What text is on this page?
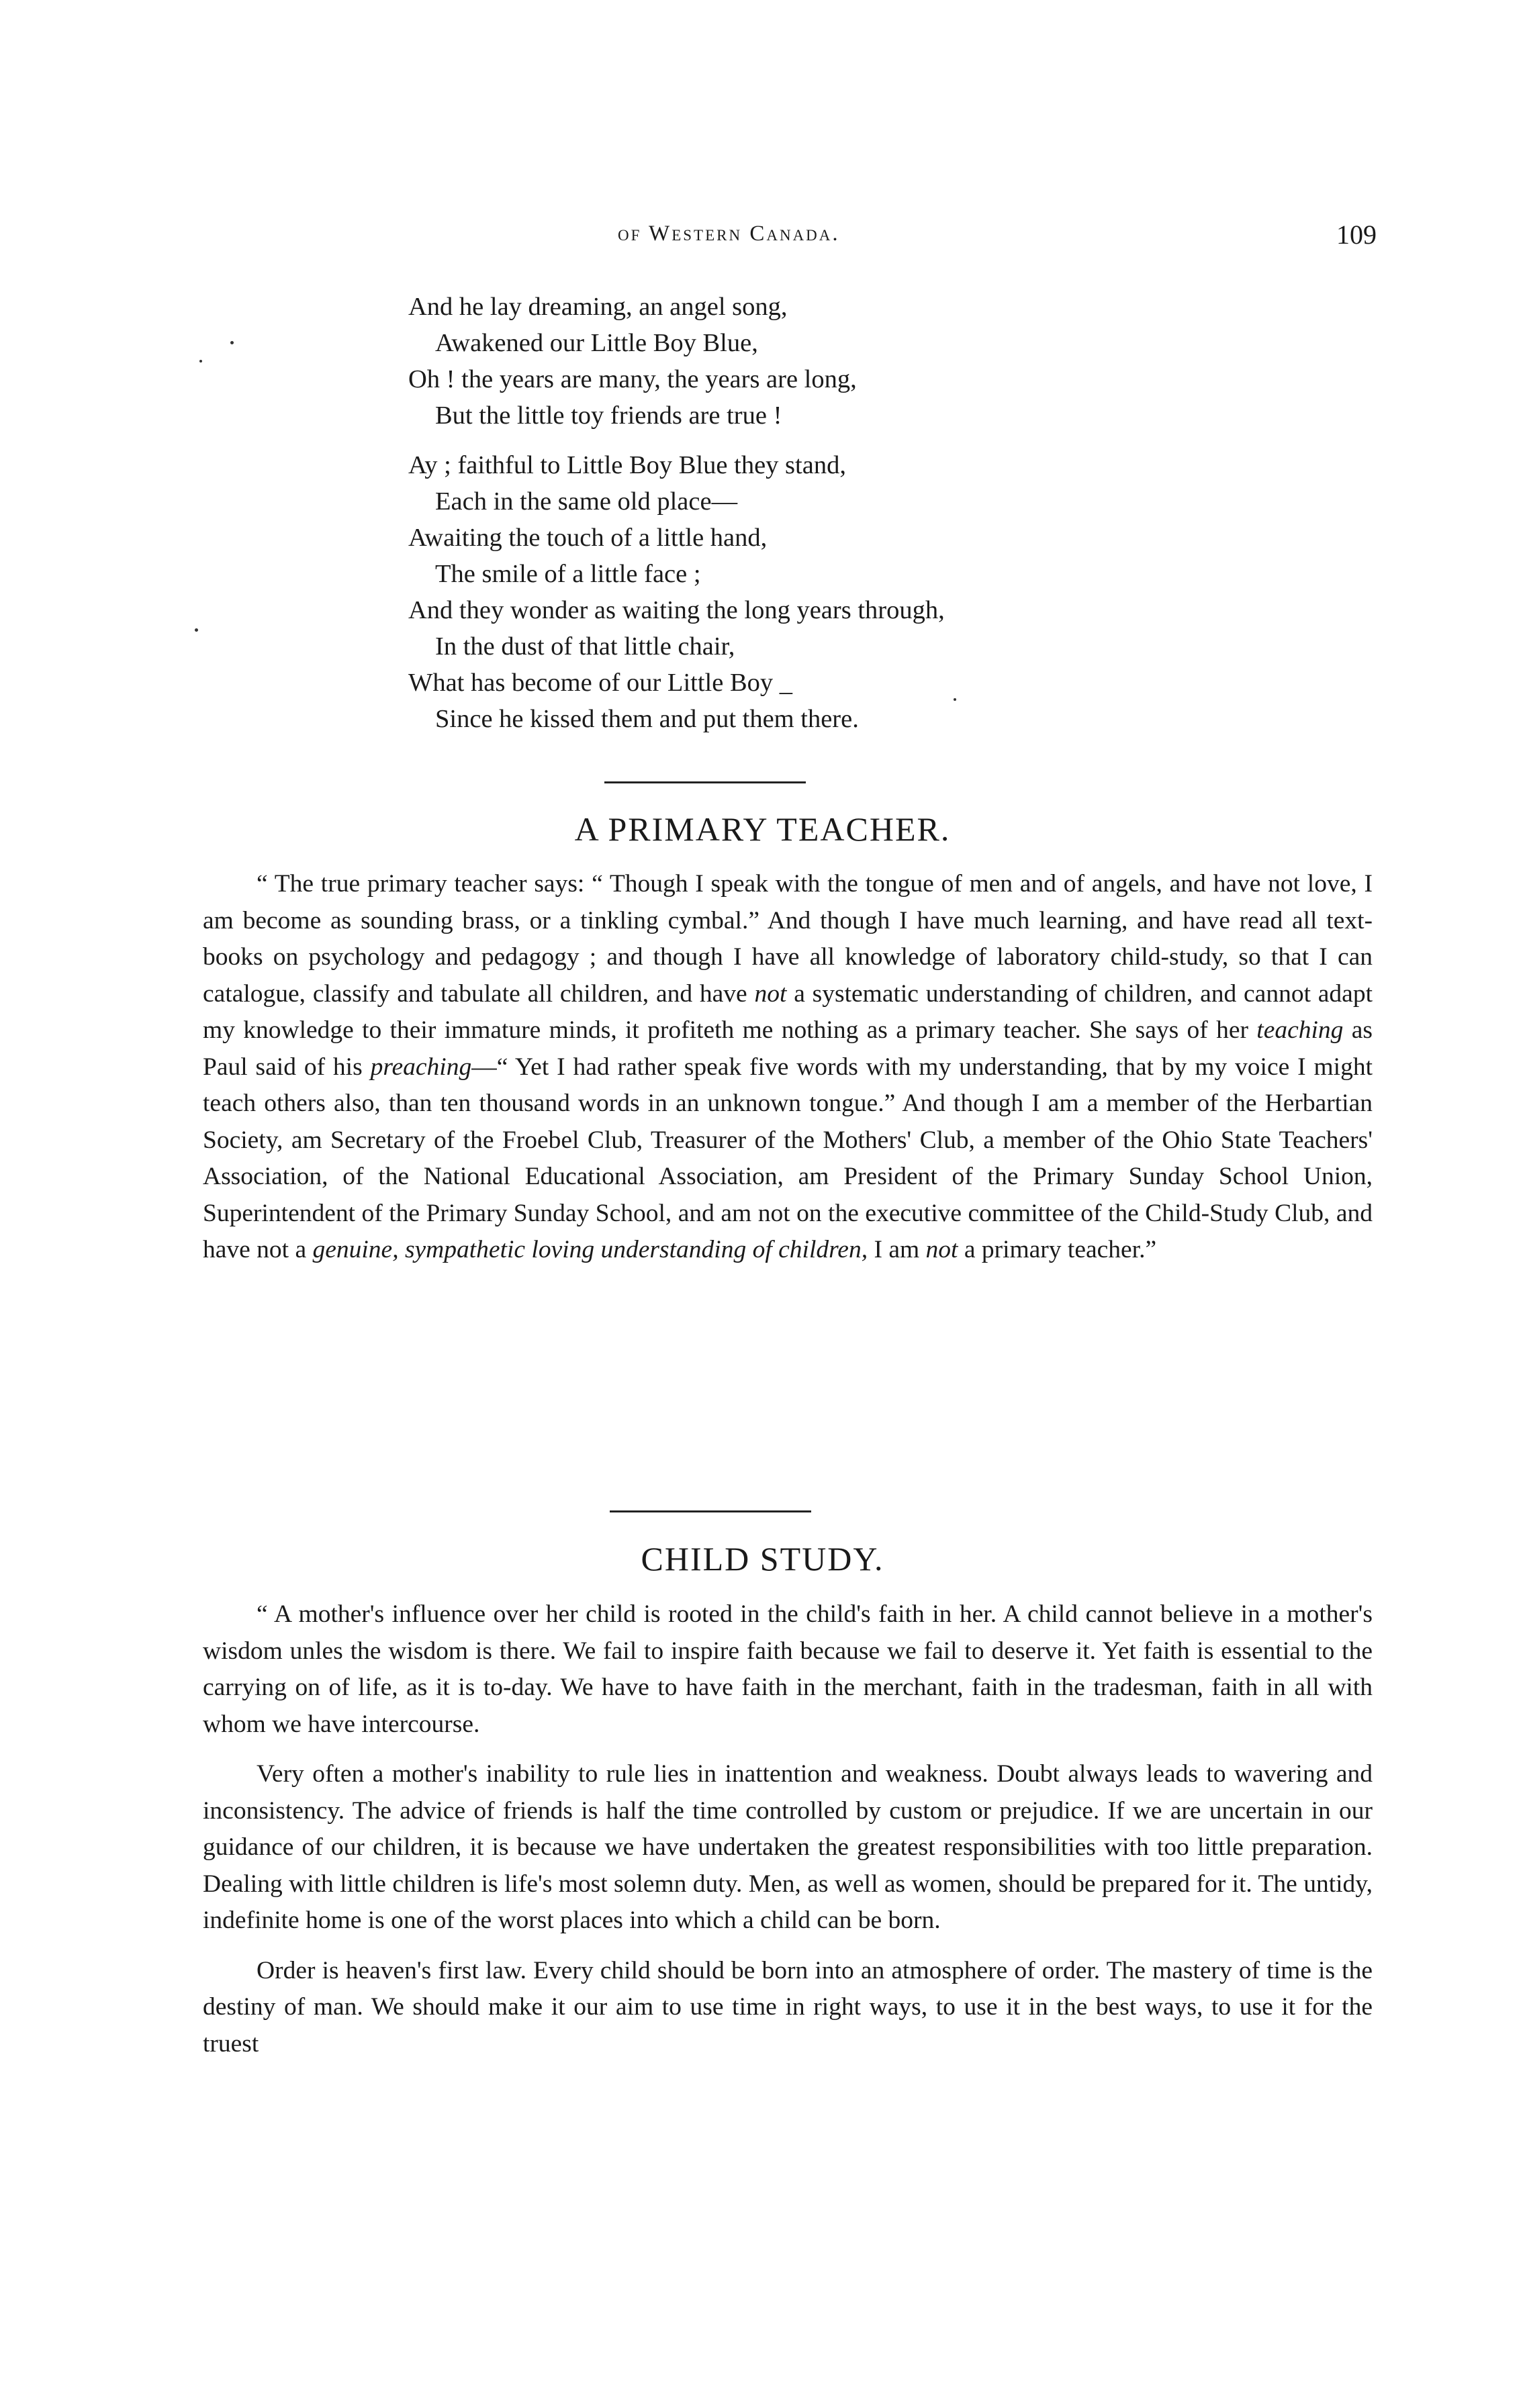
of Western Canada.	109
And he lay dreaming, an angel song,
Awakened our Little Boy Blue,
Oh ! the years are many, the years are long,
But the little toy friends are true !
Ay ; faithful to Little Boy Blue they stand,
Each in the same old place—
Awaiting the touch of a little hand,
The smile of a little face ;
And they wonder as waiting the long years through,
In the dust of that little chair,
What has become of our Little Boy _
Since he kissed them and put them there.
A PRIMARY TEACHER.

“ The true primary teacher says: “ Though I speak with the tongue of men and of angels, and have not love, I am become as sounding brass, or a tinkling cymbal.” And though I have much learning, and have read all text-books on psychology and pedagogy ; and though I have all knowledge of laboratory child-study, so that I can catalogue, classify and tabulate all children, and have not a systematic understanding of children, and cannot adapt my knowledge to their immature minds, it profiteth me nothing as a primary teacher. She says of her teaching as Paul said of his preaching—“ Yet I had rather speak five words with my understanding, that by my voice I might teach others also, than ten thousand words in an unknown tongue.” And though I am a member of the Herbartian Society, am Secretary of the Froebel Club, Treasurer of the Mothers' Club, a member of the Ohio State Teachers' Association, of the National Educational Association, am President of the Primary Sunday School Union, Superintendent of the Primary Sunday School, and am not on the executive committee of the Child-Study Club, and have not a genuine, sympathetic loving understanding of children, I am not a primary teacher.”

CHILD STUDY.

“ A mother's influence over her child is rooted in the child's faith in her. A child cannot believe in a mother's wisdom unles the wisdom is there. We fail to inspire faith because we fail to deserve it. Yet faith is essential to the carrying on of life, as it is to-day. We have to have faith in the merchant, faith in the tradesman, faith in all with whom we have intercourse.

Very often a mother's inability to rule lies in inattention and weakness. Doubt always leads to wavering and inconsistency. The advice of friends is half the time controlled by custom or prejudice. If we are uncertain in our guidance of our children, it is because we have undertaken the greatest responsibilities with too little preparation. Dealing with little children is life's most solemn duty. Men, as well as women, should be prepared for it. The untidy, indefinite home is one of the worst places into which a child can be born.

Order is heaven's first law. Every child should be born into an atmosphere of order. The mastery of time is the destiny of man. We should make it our aim to use time in right ways, to use it in the best ways, to use it for the truest
